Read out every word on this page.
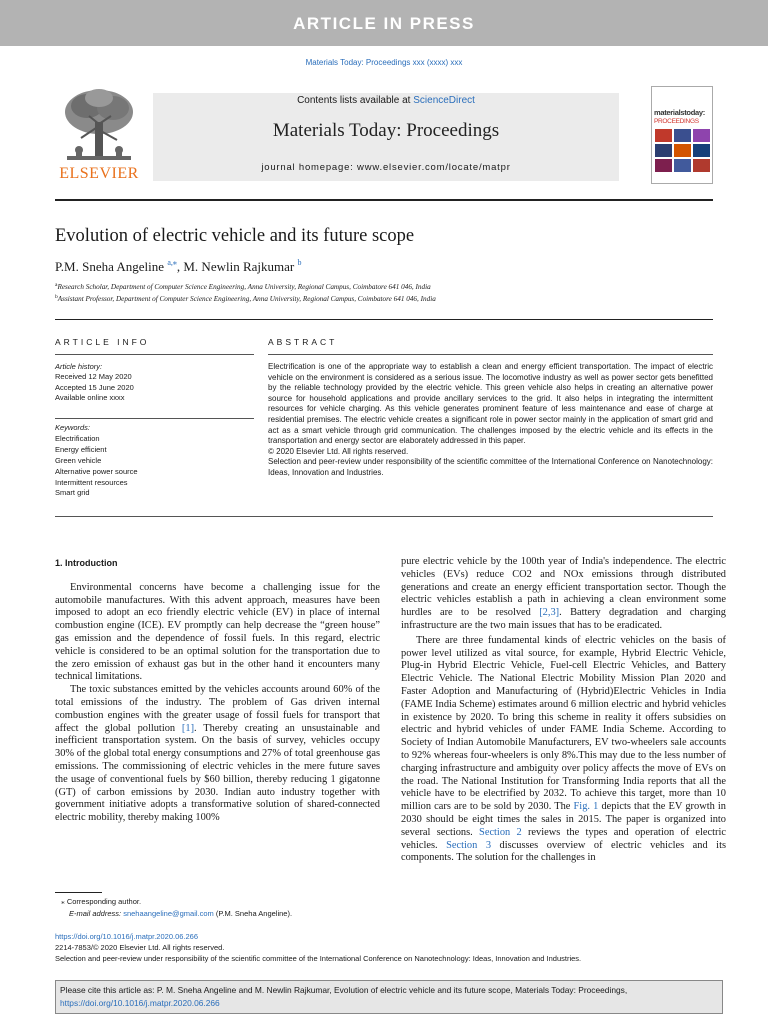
ARTICLE IN PRESS
Materials Today: Proceedings xxx (xxxx) xxx
ELSEVIER
Contents lists available at ScienceDirect
Materials Today: Proceedings
journal homepage: www.elsevier.com/locate/matpr
materialstoday:
PROCEEDINGS
Evolution of electric vehicle and its future scope
P.M. Sneha Angeline $^{a,⁎}$, M. Newlin Rajkumar $^b$
$^a$Research Scholar, Department of Computer Science Engineering, Anna University, Regional Campus, Coimbatore 641 046, India
$^b$Assistant Professor, Department of Computer Science Engineering, Anna University, Regional Campus, Coimbatore 641 046, India
ARTICLE INFO	ABSTRACT
Article history:
Received 12 May 2020
Accepted 15 June 2020
Available online xxxx
Keywords:
Electrification
Energy efficient
Green vehicle
Alternative power source
Intermittent resources
Smart grid

Electrification is one of the appropriate way to establish a clean and energy efficient transportation. The impact of electric vehicle on the environment is considered as a serious issue. The locomotive industry as well as power sector gets benefitted by the reliable technology provided by the electric vehicle. This green vehicle also helps in creating an alternative power source for household applications and provide ancillary services to the grid. It also helps in integrating the intermittent resources for vehicle charging. As this vehicle generates prominent feature of less maintenance and ease of charge at residential premises. The electric vehicle creates a significant role in power sector mainly in the application of smart grid and act as a smart vehicle through grid communication. The challenges imposed by the electric vehicle and its effects in the transportation and energy sector are elaborately addressed in this paper.

© 2020 Elsevier Ltd. All rights reserved.

Selection and peer-review under responsibility of the scientific committee of the International Conference on Nanotechnology: Ideas, Innovation and Industries.

1. Introduction

Environmental concerns have become a challenging issue for the automobile manufactures. With this advent approach, measures have been imposed to adopt an eco friendly electric vehicle (EV) in place of internal combustion engine (ICE). EV promptly can help decrease the “green house” gas emission and the dependence of fossil fuels. In this regard, electric vehicle is considered to be an optimal solution for the transportation due to the zero emission of exhaust gas but in the other hand it encounters many technical limitations.

The toxic substances emitted by the vehicles accounts around 60% of the total emissions of the industry. The problem of Gas driven internal combustion engines with the greater usage of fossil fuels for transport that affect the global pollution [1]. Thereby creating an unsustainable and inefficient transportation system. On the basis of survey, vehicles occupy 30% of the global total energy consumptions and 27% of total greenhouse gas emissions. The commissioning of electric vehicles in the mere future saves the usage of conventional fuels by $60 billion, thereby reducing 1 gigatonne (GT) of carbon emissions by 2030. Indian auto industry together with government initiative adopts a transformative solution of shared-connected electric mobility, thereby making 100%

pure electric vehicle by the 100th year of India's independence. The electric vehicles (EVs) reduce CO2 and NOx emissions through distributed generations and create an energy efficient transportation sector. Though the electric vehicles establish a path in achieving a clean environment some hurdles are to be resolved [2,3]. Battery degradation and charging infrastructure are the two main issues that has to be eradicated.

There are three fundamental kinds of electric vehicles on the basis of power level utilized as vital source, for example, Hybrid Electric Vehicle, Plug-in Hybrid Electric Vehicle, Fuel-cell Electric Vehicles, and Battery Electric Vehicle. The National Electric Mobility Mission Plan 2020 and Faster Adoption and Manufacturing of (Hybrid)Electric Vehicles in India (FAME India Scheme) estimates around 6 million electric and hybrid vehicles in existence by 2020. To bring this scheme in reality it offers subsidies on electric and hybrid vehicles of under FAME India Scheme. According to Society of Indian Automobile Manufacturers, EV two-wheelers sale accounts to 92% whereas four-wheelers is only 8%.This may due to the less number of charging infrastructure and ambiguity over policy affects the move of EVs on the road. The National Institution for Transforming India reports that all the vehicle have to be electrified by 2032. To achieve this target, more than 10 million cars are to be sold by 2030. The Fig. 1 depicts that the EV growth in 2030 should be eight times the sales in 2015. The paper is organized into several sections. Section 2 reviews the types and operation of electric vehicles. Section 3 discusses overview of electric vehicles and its components. The solution for the challenges in

⁎ Corresponding author.
E-mail address: snehaangeline@gmail.com (P.M. Sneha Angeline).
https://doi.org/10.1016/j.matpr.2020.06.266
2214-7853/© 2020 Elsevier Ltd. All rights reserved.
Selection and peer-review under responsibility of the scientific committee of the International Conference on Nanotechnology: Ideas, Innovation and Industries.
Please cite this article as: P. M. Sneha Angeline and M. Newlin Rajkumar, Evolution of electric vehicle and its future scope, Materials Today: Proceedings,
https://doi.org/10.1016/j.matpr.2020.06.266
